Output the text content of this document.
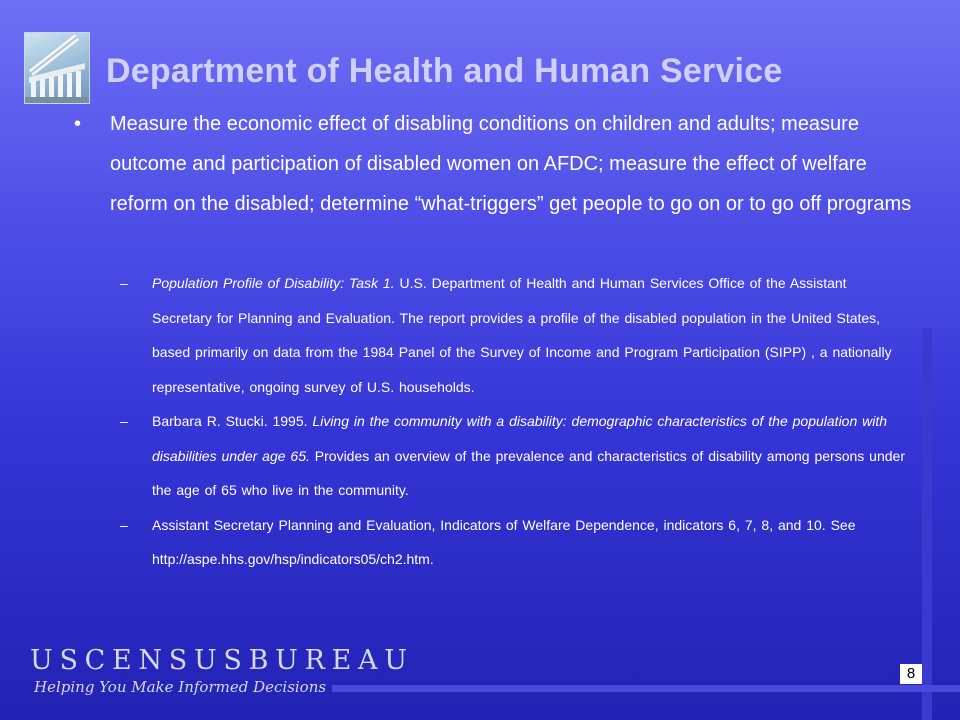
Department of Health and Human Service
• Measure the economic effect of disabling conditions on children and adults; measure outcome and participation of disabled women on AFDC; measure the effect of welfare reform on the disabled; determine “what-triggers” get people to go on or to go off programs

– Population Profile of Disability: Task 1. U.S. Department of Health and Human Services Office of the Assistant Secretary for Planning and Evaluation. The report provides a profile of the disabled population in the United States, based primarily on data from the 1984 Panel of the Survey of Income and Program Participation (SIPP) , a nationally representative, ongoing survey of U.S. households.

– Barbara R. Stucki. 1995. Living in the community with a disability: demographic characteristics of the population with disabilities under age 65. Provides an overview of the prevalence and characteristics of disability among persons under the age of 65 who live in the community.

– Assistant Secretary Planning and Evaluation, Indicators of Welfare Dependence, indicators 6, 7, 8, and 10. See http://aspe.hhs.gov/hsp/indicators05/ch2.htm.

USCENSUSBUREAU
Helping You Make Informed Decisions
8
